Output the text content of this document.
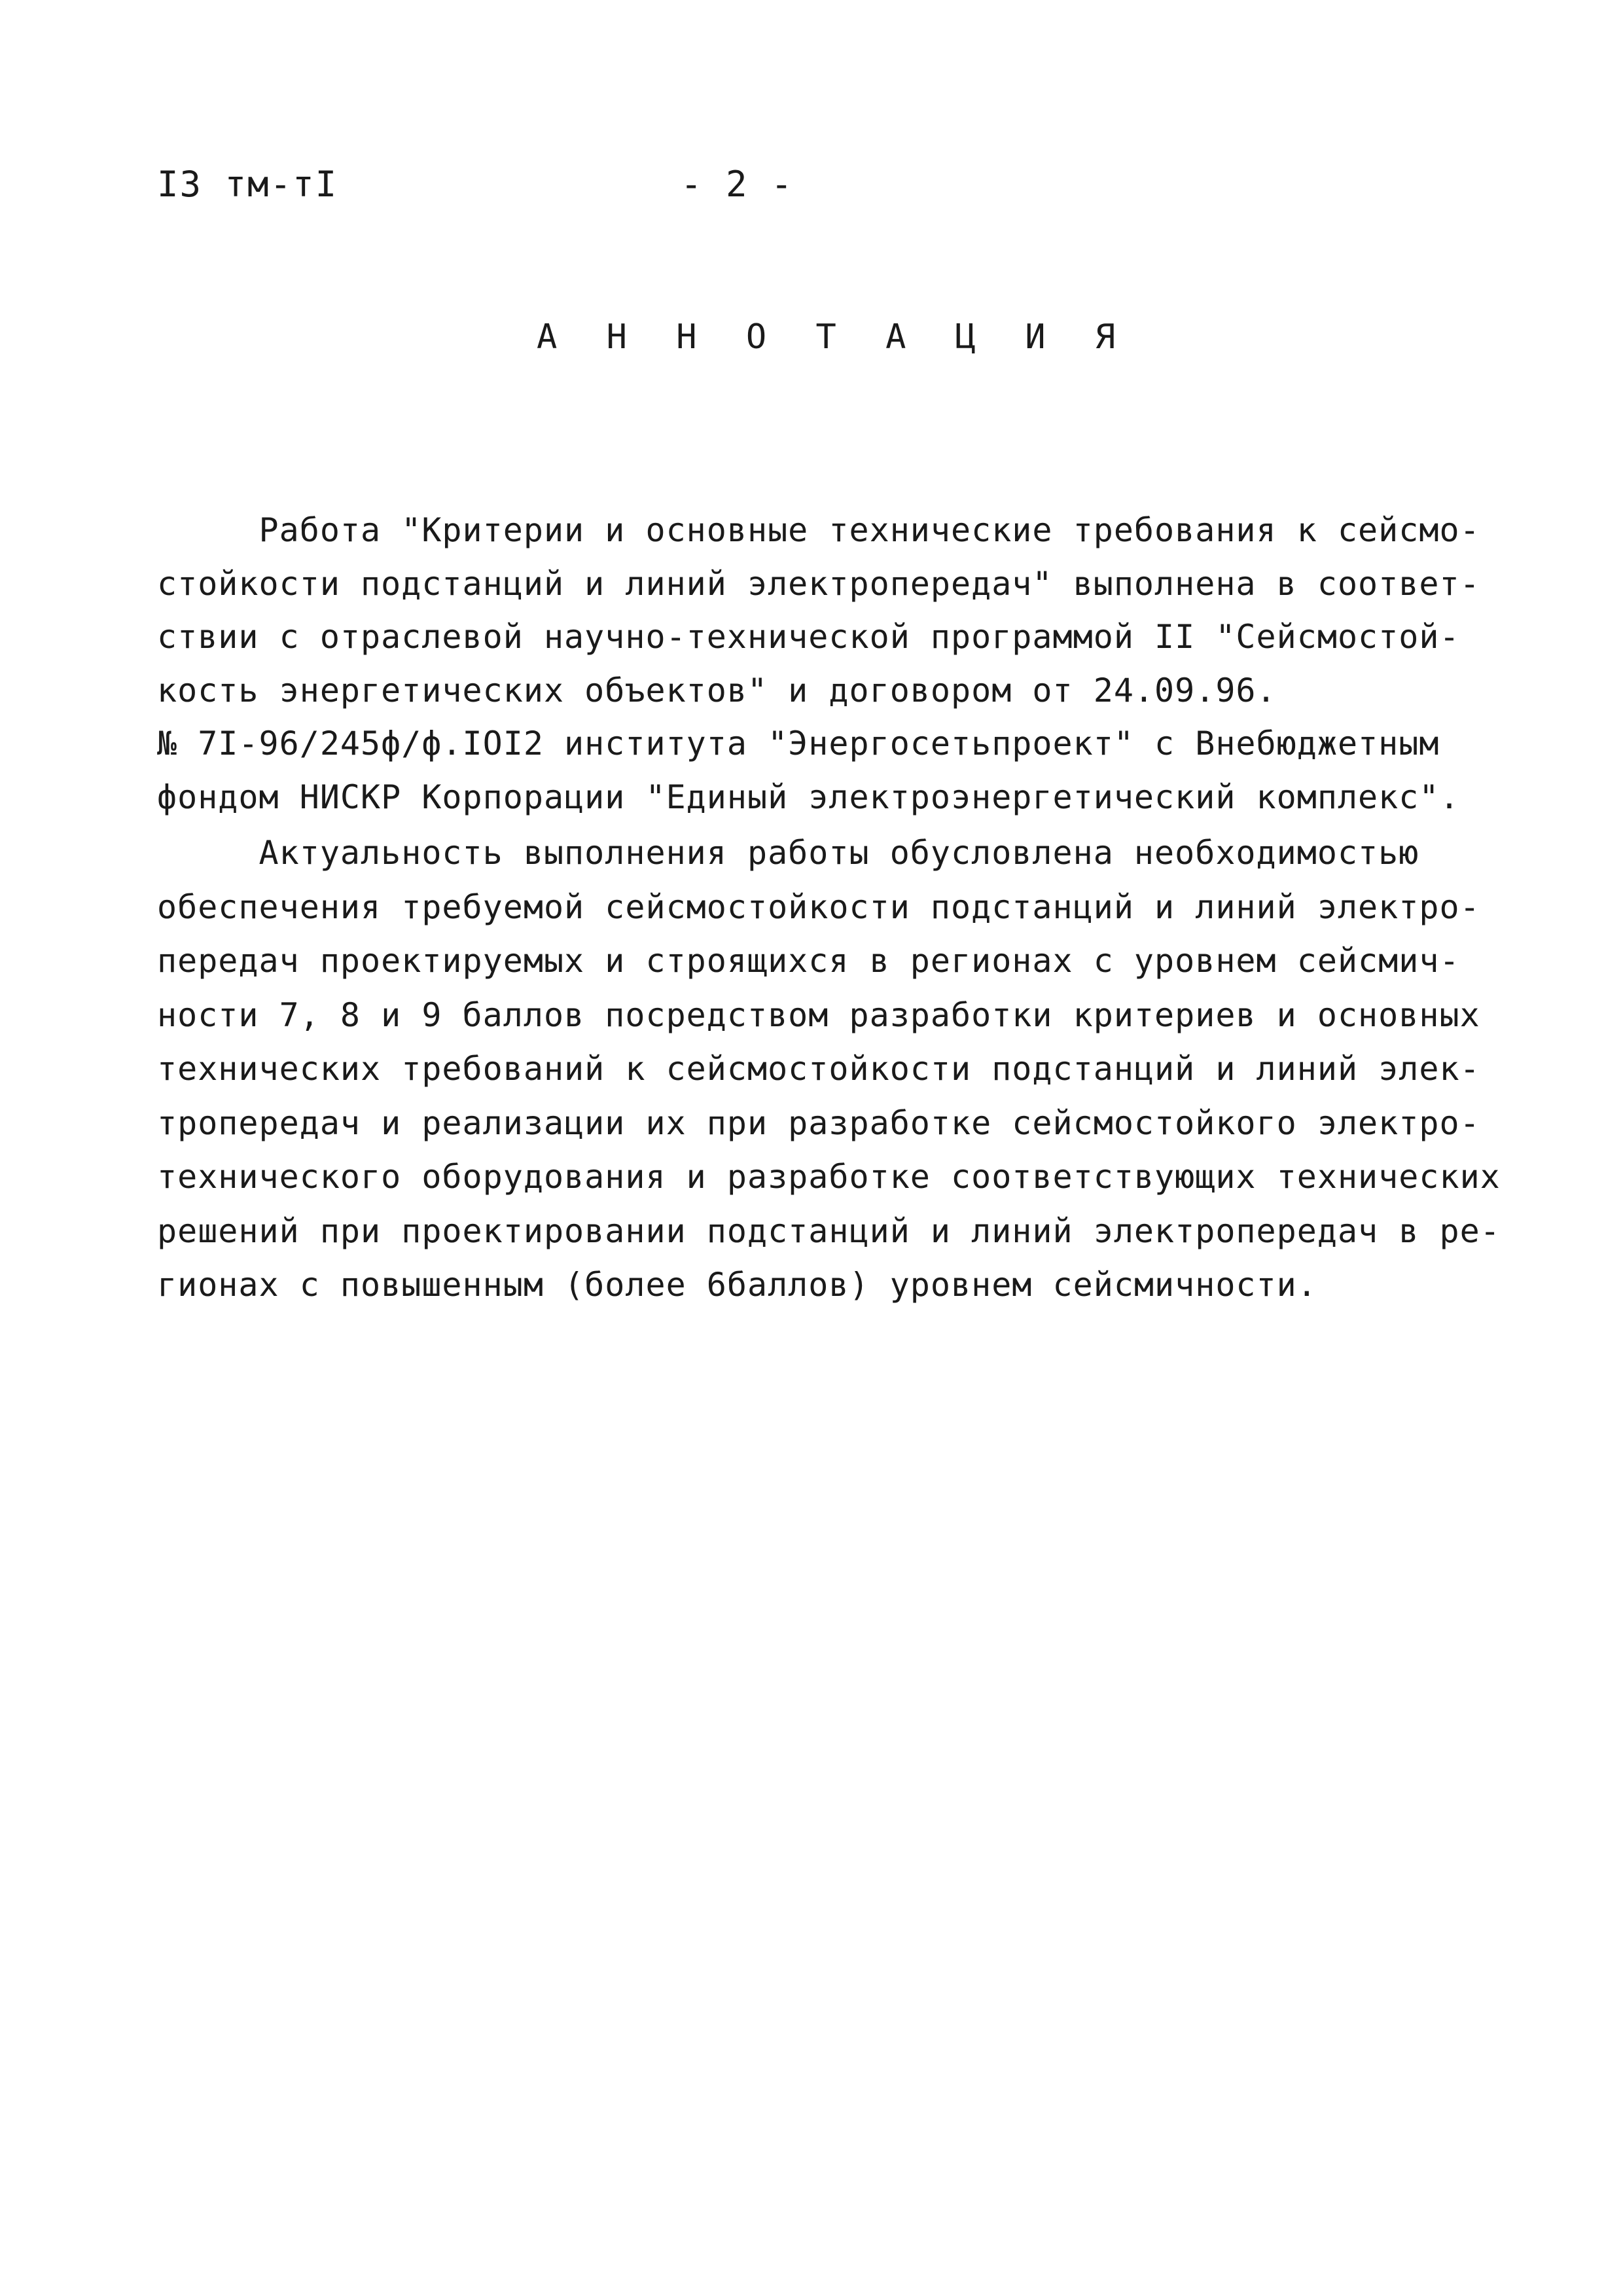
I3 тм-тI	- 2 -
А Н Н О Т А Ц И Я
Работа "Критерии и основные технические требования к сейсмо-
стойкости подстанций и линий электропередач" выполнена в соответ-
ствии с отраслевой научно-технической программой II "Сейсмостой-
кость энергетических объектов" и договором от 24.09.96.
№ 7I-96/245ф/ф.IOI2 института "Энергосетьпроект" с Внебюджетным
фондом НИСКР Корпорации "Единый электроэнергетический комплекс".
Актуальность выполнения работы обусловлена необходимостью
обеспечения требуемой сейсмостойкости подстанций и линий электро-
передач проектируемых и строящихся в регионах с уровнем сейсмич-
ности 7, 8 и 9 баллов посредством разработки критериев и основных
технических требований к сейсмостойкости подстанций и линий элек-
тропередач и реализации их при разработке сейсмостойкого электро-
технического оборудования и разработке соответствующих технических
решений при проектировании подстанций и линий электропередач в ре-
гионах с повышенным (более 6баллов) уровнем сейсмичности.
